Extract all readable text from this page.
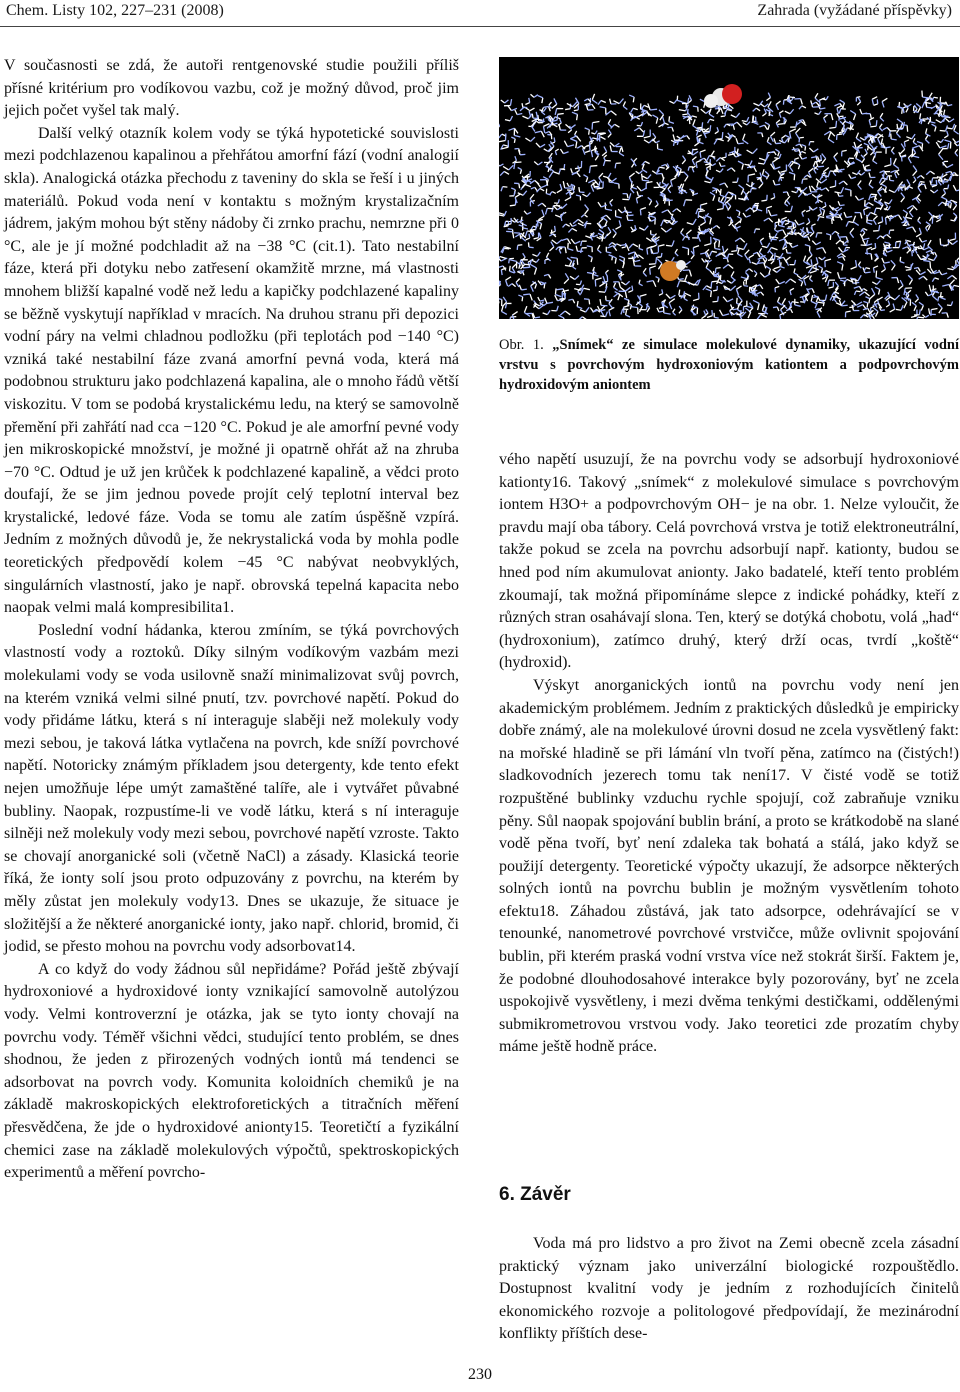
Chem. Listy 102, 227–231 (2008)	Zahrada (vyžádané příspěvky)

V současnosti se zdá, že autoři rentgenovské studie použili příliš přísné kritérium pro vodíkovou vazbu, což je možný důvod, proč jim jejich počet vyšel tak malý.

Další velký otazník kolem vody se týká hypotetické souvislosti mezi podchlazenou kapalinou a přehřátou amorfní fází (vodní analogií skla). Analogická otázka přechodu z taveniny do skla se řeší i u jiných materiálů. Pokud voda není v kontaktu s možným krystalizačním jádrem, jakým mohou být stěny nádoby či zrnko prachu, nemrzne při 0 °C, ale je jí možné podchladit až na −38 °C (cit.1). Tato nestabilní fáze, která při dotyku nebo zatřesení okamžitě mrzne, má vlastnosti mnohem bližší kapalné vodě než ledu a kapičky podchlazené kapaliny se běžně vyskytují například v mracích. Na druhou stranu při depozici vodní páry na velmi chladnou podložku (při teplotách pod −140 °C) vzniká také nestabilní fáze zvaná amorfní pevná voda, která má podobnou strukturu jako podchlazená kapalina, ale o mnoho řádů větší viskozitu. V tom se podobá krystalickému ledu, na který se samovolně přemění při zahřátí nad cca −120 °C. Pokud je ale amorfní pevné vody jen mikroskopické množství, je možné ji opatrně ohřát až na zhruba −70 °C. Odtud je už jen krůček k podchlazené kapalině, a vědci proto doufají, že se jim jednou povede projít celý teplotní interval bez krystalické, ledové fáze. Voda se tomu ale zatím úspěšně vzpírá. Jedním z možných důvodů je, že nekrystalická voda by mohla podle teoretických předpovědí kolem −45 °C nabývat neobvyklých, singulárních vlastností, jako je např. obrovská tepelná kapacita nebo naopak velmi malá kompresibilita1.

Poslední vodní hádanka, kterou zmíním, se týká povrchových vlastností vody a roztoků. Díky silným vodíkovým vazbám mezi molekulami vody se voda usilovně snaží minimalizovat svůj povrch, na kterém vzniká velmi silné pnutí, tzv. povrchové napětí. Pokud do vody přidáme látku, která s ní interaguje slaběji než molekuly vody mezi sebou, je taková látka vytlačena na povrch, kde sníží povrchové napětí. Notoricky známým příkladem jsou detergenty, kde tento efekt nejen umožňuje lépe umýt zamaštěné talíře, ale i vytvářet půvabné bubliny. Naopak, rozpustíme-li ve vodě látku, která s ní interaguje silněji než molekuly vody mezi sebou, povrchové napětí vzroste. Takto se chovají anorganické soli (včetně NaCl) a zásady. Klasická teorie říká, že ionty solí jsou proto odpuzovány z povrchu, na kterém by měly zůstat jen molekuly vody13. Dnes se ukazuje, že situace je složitější a že některé anorganické ionty, jako např. chlorid, bromid, či jodid, se přesto mohou na povrchu vody adsorbovat14.

A co když do vody žádnou sůl nepřidáme? Pořád ještě zbývají hydroxoniové a hydroxidové ionty vznikající samovolně autolýzou vody. Velmi kontroverzní je otázka, jak se tyto ionty chovají na povrchu vody. Téměř všichni vědci, studující tento problém, se dnes shodnou, že jeden z přirozených vodných iontů má tendenci se adsorbovat na povrch vody. Komunita koloidních chemiků je na základě makroskopických elektroforetických a titračních měření přesvědčena, že jde o hydroxidové anionty15. Teoretičtí a fyzikální chemici zase na základě molekulových výpočtů, spektroskopických experimentů a měření povrcho-

Obr. 1. „Snímek“ ze simulace molekulové dynamiky, ukazující vodní vrstvu s povrchovým hydroxoniovým kationtem a podpovrchovým hydroxidovým aniontem

vého napětí usuzují, že na povrchu vody se adsorbují hydroxoniové kationty16. Takový „snímek“ z molekulové simulace s povrchovým iontem H3O+ a podpovrchovým OH− je na obr. 1. Nelze vyloučit, že pravdu mají oba tábory. Celá povrchová vrstva je totiž elektroneutrální, takže pokud se zcela na povrchu adsorbují např. kationty, budou se hned pod ním akumulovat anionty. Jako badatelé, kteří tento problém zkoumají, tak možná připomínáme slepce z indické pohádky, kteří z různých stran osahávají slona. Ten, který se dotýká chobotu, volá „had“ (hydroxonium), zatímco druhý, který drží ocas, tvrdí „koště“ (hydroxid).

Výskyt anorganických iontů na povrchu vody není jen akademickým problémem. Jedním z praktických důsledků je empiricky dobře známý, ale na molekulové úrovni dosud ne zcela vysvětlený fakt: na mořské hladině se při lámání vln tvoří pěna, zatímco na (čistých!) sladkovodních jezerech tomu tak není17. V čisté vodě se totiž rozpuštěné bublinky vzduchu rychle spojují, což zabraňuje vzniku pěny. Sůl naopak spojování bublin brání, a proto se krátkodobě na slané vodě pěna tvoří, byť není zdaleka tak bohatá a stálá, jako když se použijí detergenty. Teoretické výpočty ukazují, že adsorpce některých solných iontů na povrchu bublin je možným vysvětlením tohoto efektu18. Záhadou zůstává, jak tato adsorpce, odehrávající se v tenounké, nanometrové povrchové vrstvičce, může ovlivnit spojování bublin, při kterém praská vodní vrstva více než stokrát širší. Faktem je, že podobné dlouhodosahové interakce byly pozorovány, byť ne zcela uspokojivě vysvětleny, i mezi dvěma tenkými destičkami, oddělenými submikrometrovou vrstvou vody. Jako teoretici zde prozatím chyby máme ještě hodně práce.

6. Závěr

Voda má pro lidstvo a pro život na Zemi obecně zcela zásadní praktický význam jako univerzální biologické rozpouštědlo. Dostupnost kvalitní vody je jedním z rozhodujících činitelů ekonomického rozvoje a politologové předpovídají, že mezinárodní konflikty příštích dese-

230
